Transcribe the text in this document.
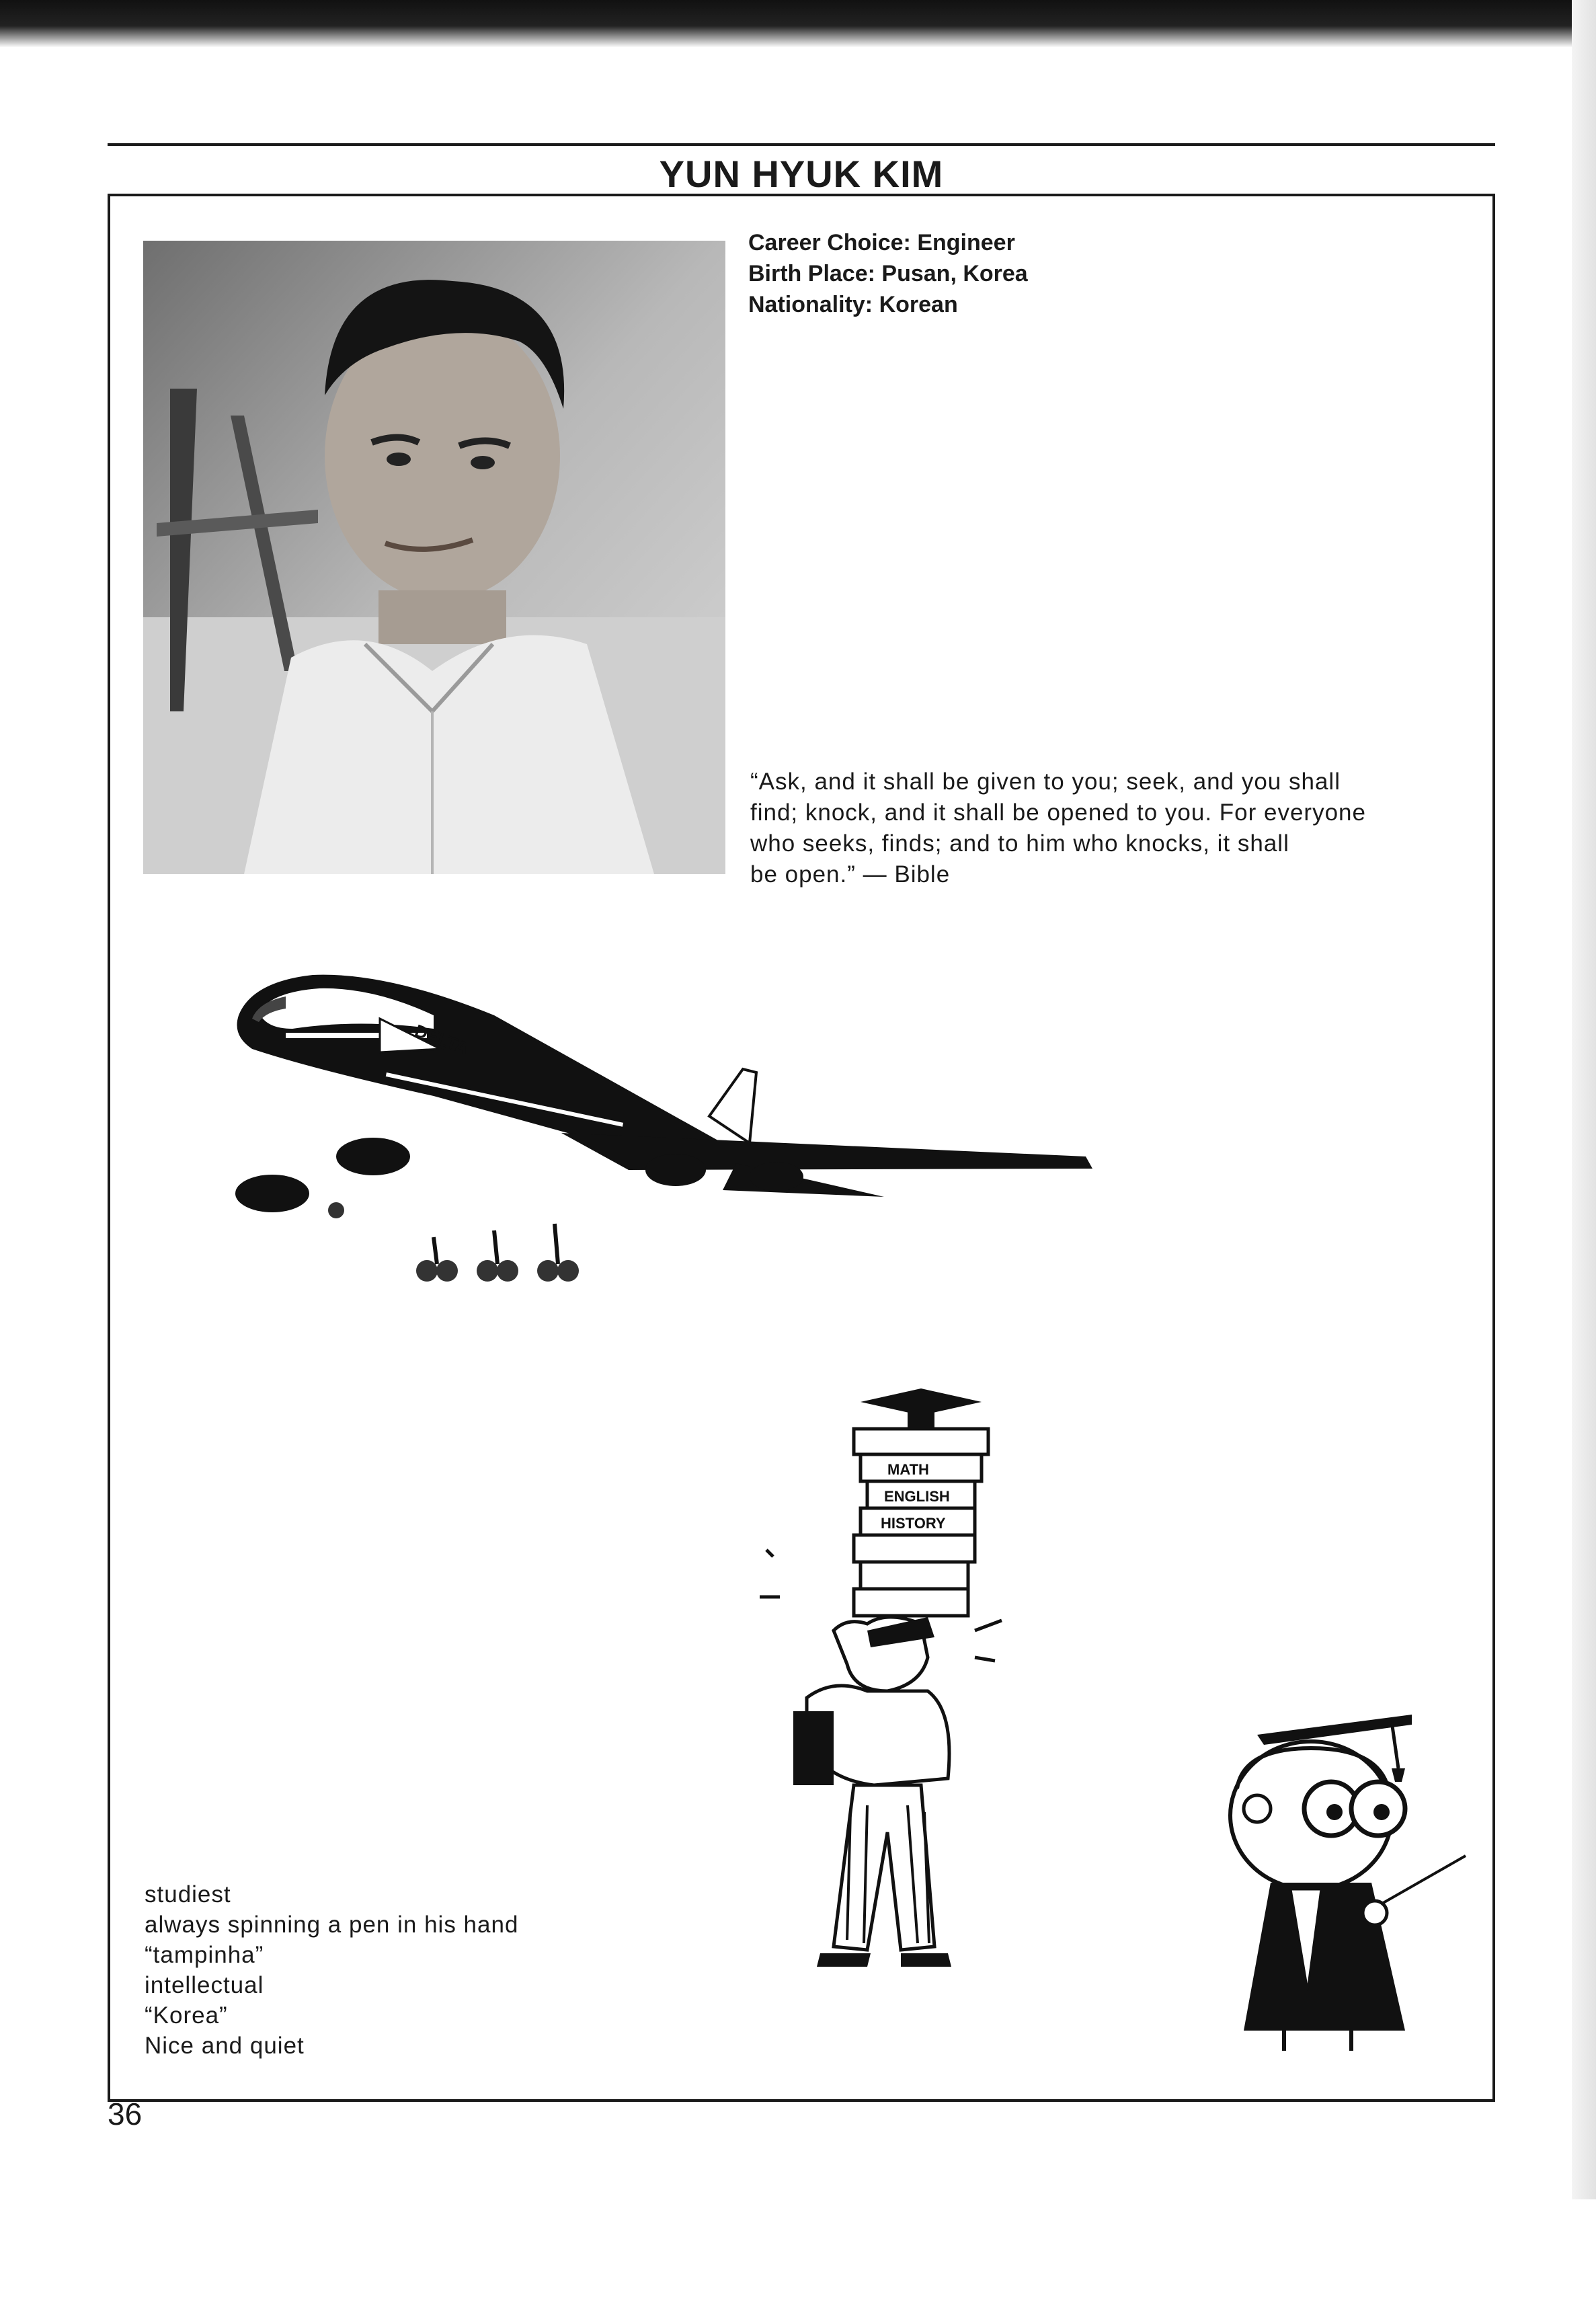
YUN HYUK KIM
Career Choice: Engineer
Birth Place: Pusan, Korea
Nationality: Korean
“Ask, and it shall be given to you; seek, and you shall
find; knock, and it shall be opened to you. For everyone
who seeks, finds; and to him who knocks, it shall
be open.” — Bible
DELTA
MATH
ENGLISH
HISTORY
studiest
always spinning a pen in his hand
“tampinha”
intellectual
“Korea”
Nice and quiet
36
